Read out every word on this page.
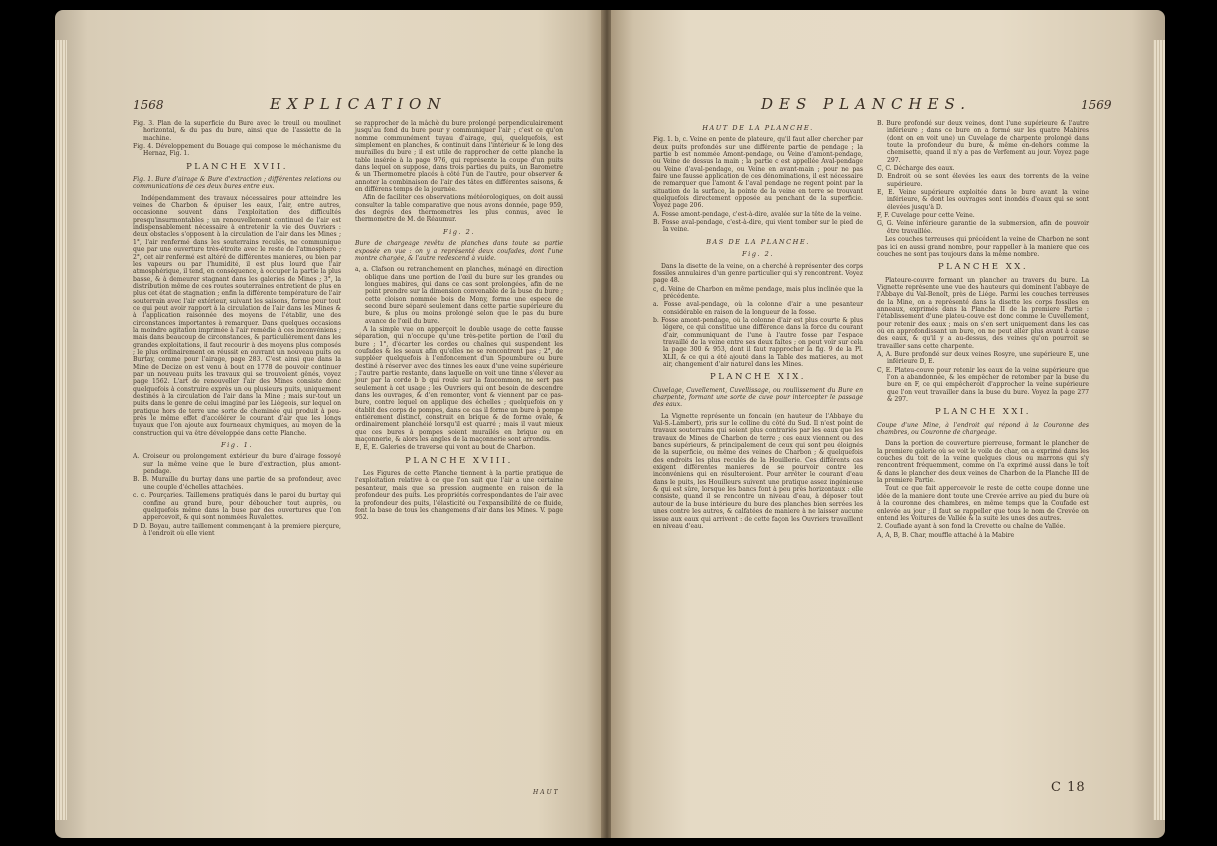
1568	EXPLICATION

Fig. 3. Plan de la superficie du Bure avec le treuil ou moulinet horizontal, & du pas du bure, ainsi que de l'assiette de la machine.

Fig. 4. Développement du Bouage qui compose le méchanisme du Hernaz, Fig. 1.

PLANCHE XVII.

Fig. 1. Bure d'airage & Bure d'extraction ; différentes relations ou communications de ces deux bures entre eux.

Indépendamment des travaux nécessaires pour atteindre les veines de Charbon & épuiser les eaux, l'air, entre autres, occasionne souvent dans l'exploitation des difficultés presqu'insurmontables ; un renouvellement continuel de l'air est indispensablement nécessaire à entretenir la vie des Ouvriers : deux obstacles s'opposent à la circulation de l'air dans les Mines ; 1°, l'air renfermé dans les souterrains reculés, ne communique que par une ouverture très-étroite avec le reste de l'atmosphere ; 2°, cet air renfermé est altéré de différentes manieres, ou bien par les vapeurs ou par l'humidité, il est plus lourd que l'air atmosphérique, il tend, en conséquence, à occuper la partie la plus basse, & à demeurer stagnant dans les galeries de Mines ; 3°, la distribution même de ces routes souterraines entretient de plus en plus cet état de stagnation ; enfin la différente température de l'air souterrain avec l'air extérieur, suivant les saisons, forme pour tout ce qui peut avoir rapport à la circulation de l'air dans les Mines & à l'application raisonnée des moyens de l'établir, une des circonstances importantes à remarquer. Dans quelques occasions la moindre agitation imprimée à l'air remédie à ces inconvéniens ; mais dans beaucoup de circonstances, & particuliérement dans les grandes exploitations, il faut recourir à des moyens plus composés ; le plus ordinairement on réussit en ouvrant un nouveau puits ou Burtay, comme pour l'airage, page 283. C'est ainsi que dans la Mine de Decize on est venu à bout en 1778 de pouvoir continuer par un nouveau puits les travaux qui se trouvoient gênés, voyez page 1562. L'art de renouveller l'air des Mines consiste donc quelquefois à construire exprès un ou plusieurs puits, uniquement destinés à la circulation de l'air dans la Mine ; mais sur-tout un puits dans le genre de celui imaginé par les Liégeois, sur lequel on pratique hors de terre une sorte de cheminée qui produit à peu-près le même effet d'accélérer le courant d'air que les longs tuyaux que l'on ajoute aux fourneaux chymiques, au moyen de la construction qui va être développée dans cette Planche.

Fig. 1.

A. Croiseur ou prolongement extérieur du bure d'airage fossoyé sur la même veine que le bure d'extraction, plus amont-pendage.

B. B. Muraille du burtay dans une partie de sa profondeur, avec une couple d'échelles attachées.

c. c. Pourçaries. Taillemens pratiqués dans le paroi du burtay qui confine au grand bure, pour déboucher tout auprès, ou quelquefois même dans la buse par des ouvertures que l'on appercevoit, & qui sont nommées Ruvalettes.

D D. Boyau, autre taillement commençant à la premiere pierçure, à l'endroit où elle vient

se rapprocher de la mâchè du bure prolongé perpendiculairement jusqu'au fond du bure pour y communiquer l'air ; c'est ce qu'on nomme communément tuyau d'airage, qui, quelquefois, est simplement en planches, & continuit dans l'intérieur & le long des murailles du bure ; il est utile de rapprocher de cette planche la table insérée à la page 976, qui représente la coupe d'un puits dans lequel on suppose, dans trois parties du puits, un Barometre & un Thermometre placés à côté l'un de l'autre, pour observer & annoter la combinaison de l'air des tâtes en différentes saisons, & en différens temps de la journée.

Afin de faciliter ces observations météorologiques, on doit aussi consulter la table comparative que nous avons donnée, page 959, des degrés des thermometres les plus connus, avec le thermometre de M. de Réaumur.

Fig. 2.

Bure de chargeage revêtu de planches dans toute sa partie exposée en vue : on y a représenté deux coufades, dont l'une montre chargée, & l'autre redescend à vuide.

a, a. Clafson ou retranchement en planches, ménagé en direction oblique dans une portion de l'œil du bure sur les grandes ou longues mabires, qui dans ce cas sont prolongées, afin de ne point prendre sur la dimension convenable de la buse du bure ; cette cloison nommée bois de Mony, forme une espece de second bure séparé seulement dans cette partie supérieure du bure, & plus ou moins prolongé selon que le pas du bure avance de l'œil du bure.

A la simple vue on apperçoit le double usage de cette fausse séparation, qui n'occupe qu'une très-petite portion de l'œil du bure ; 1°, d'écarter les cordes ou chaînes qui suspendent les coufades & les seaux afin qu'elles ne se rencontrent pas ; 2°, de suppléer quelquefois à l'enfoncement d'un Spoumbure ou bure destiné à réserver avec des tinnes les eaux d'une veine supérieure ; l'autre partie restante, dans laquelle on voit une tinne s'élever au jour par la corde b b qui roule sur la faucommon, ne sert pas seulement à cet usage ; les Ouvriers qui ont besoin de descendre dans les ouvrages, & d'en remonter, vont & viennent par ce pas-bure, contre lequel on applique des échelles ; quelquefois on y établit des corps de pompes, dans ce cas il forme un bure à pompe entiérement distinct, construit en brique & de forme ovale, & ordinairement planchéié lorsqu'il est quarré ; mais il vaut mieux que ces bures à pompes soient murailés en brique ou en maçonnerie, & alors les angles de la maçonnerie sont arrondis.

E, E, E. Galeries de traverse qui vont au bout de Charbon.

PLANCHE XVIII.

Les Figures de cette Planche tiennent à la partie pratique de l'exploitation relative à ce que l'on sait que l'air a une certaine pesanteur, mais que sa pression augmente en raison de la profondeur des puits. Les propriétés correspondantes de l'air avec la profondeur des puits, l'élasticité ou l'expansibilité de ce fluide, font la base de tous les changemens d'air dans les Mines. V. page 952.

HAUT
DES PLANCHES.	1569
HAUT DE LA PLANCHE.

Fig. 1. b, c. Veine en pente de plateure, qu'il faut aller chercher par deux puits profondés sur une différente partie de pendage ; la partie b est nommée Amont-pendage, ou Veine d'amont-pendage, ou Veine de dessus la main ; la partie c est appellée Aval-pendage ou Veine d'aval-pendage, ou Veine en avant-main ; pour ne pas faire une fausse application de ces dénominations, il est nécessaire de remarquer que l'amont & l'aval pendage ne regent point par la situation de la surface, la pointe de la veine en terre se trouvant quelquefois directement opposée au penchant de la superficie. Voyez page 206.

A. Fosse amont-pendage, c'est-à-dire, avalée sur la tête de la veine.

B. Fosse aval-pendage, c'est-à-dire, qui vient tomber sur le pied de la veine.

BAS DE LA PLANCHE.
Fig. 2.

Dans la disette de la veine, on a cherché à représenter des corps fossiles annulaires d'un genre particulier qui s'y rencontrent. Voyez page 48.

c, d. Veine de Charbon en même pendage, mais plus inclinée que la précédente.

a. Fosse aval-pendage, où la colonne d'air a une pesanteur considérable en raison de la longueur de la fosse.

b. Fosse amont-pendage, où la colonne d'air est plus courte & plus légere, ce qui constitue une différence dans la force du courant d'air, communiquant de l'une à l'autre fosse par l'espace travaillé de la veine entre ses deux faîtes ; on peut voir sur cela la page 300 & 953, dont il faut rapprocher la fig. 9 de la Pl. XLII, & ce qui a été ajouté dans la Table des matieres, au mot air, changement d'air naturel dans les Mines.

PLANCHE XIX.

Cuvelage, Cuvellement, Cuvellissage, ou rouliissement du Bure en charpente, formant une sorte de cuve pour intercepter le passage des eaux.

La Vignette représente un foncain (en hauteur de l'Abbaye du Val-S.-Lambert), pris sur le colline du côté du Sud. Il n'est point de travaux souterrains qui soient plus contrariés par les eaux que les travaux de Mines de Charbon de terre ; ces eaux viennent ou des bancs supérieurs, & principalement de ceux qui sont peu éloignés de la superficie, ou même des veines de Charbon ; & quelquefois des endroits les plus reculés de la Houillerie. Ces différents cas exigent différentes manieres de se pourvoir contre les inconvéniens qui en résulteroient. Pour arrêter le courant d'eau dans le puits, les Houilleurs suivent une pratique assez ingénieuse & qui est sûre, lorsque les bancs font à peu près horizontaux : elle consiste, quand il se rencontre un niveau d'eau, à déposer tout autour de la buse intérieure du bure des planches bien serrées les unes contre les autres, & calfatées de maniere à ne laisser aucune issue aux eaux qui arrivent : de cette façon les Ouvriers travaillent en niveau d'eau.

B. Bure profondé sur deux veines, dont l'une supérieure & l'autre inférieure ; dans ce bure on a formé sur les quatre Mabires (dont on en voit une) un Cuvelage de charpente prolongé dans toute la profondeur du bure, & même en-dehors comme la chemisette, quand il n'y a pas de Verfement au jour. Voyez page 297.

C, C. Décharge des eaux.

D. Endroit où se sont élevées les eaux des torrents de la veine supérieure.

E, E. Veine supérieure exploitée dans le bure avant la veine inférieure, & dont les ouvrages sont inondés d'eaux qui se sont élevées jusqu'à D.

F, F. Cuvelage pour cette Veine.

G, G. Veine inférieure garantie de la submersion, afin de pouvoir être travaillée.

Les couches terreuses qui précédent la veine de Charbon ne sont pas ici en aussi grand nombre, pour rappeller à la maniere que ces couches ne sont pas toujours dans la même nombre.

PLANCHE XX.

Plateure-couvre formant un plancher au travers du bure. La Vignette représente une vue des hauteurs qui dominent l'abbaye de l'Abbaye du Val-Benoît, près de Liége. Parmi les couches terreuses de la Mine, on a représenté dans la disette les corps fossiles en anneaux, exprimés dans la Planche II de la premiere Partie : l'établissement d'une plateu-couve est donc comme le Cuvellement, pour retenir des eaux ; mais on s'en sert uniquement dans les cas où en approfondissant un bure, on ne peut aller plus avant à cause des eaux, & qu'il y a au-dessus, des veines qu'on pourroit se travailler sans cette charpente.

A, A. Bure profondé sur deux veines Rosyre, une supérieure E, une inférieure D, E.

C, E. Plateu-couve pour retenir les eaux de la veine supérieure que l'on a abandonnée, & les empêcher de retomber par la buse du bure en F, ce qui empêcheroit d'approcher la veine supérieure que l'on veut travailler dans la buse du bure. Voyez la page 277 & 297.

PLANCHE XXI.

Coupe d'une Mine, à l'endroit qui répond à la Couronne des chambres, ou Couronne de chargeage.

Dans la portion de couverture pierreuse, formant le plancher de la premiere galerie où se voit le voile de char, on a exprimé dans les couches du toit de la veine quelques clous ou marrons qui s'y rencontrent fréquemment, comme on l'a exprimé aussi dans le toit & dans le plancher des deux veines de Charbon de la Planche III de la premiere Partie.

Tout ce que fait appercevoir le reste de cette coupe donne une idée de la maniere dont toute une Crevée arrive au pied du bure où à la couronne des chambres, en même temps que la Coufade est enlevée au jour ; il faut se rappeller que tous le nom de Crevée on entend les Voitures de Vallée & la suite les unes des autres.

2. Coufiade ayant à son fond la Crevette ou chaîne de Vallée.

A, A, B, B. Char, mouffle attaché à la Mabire

C 18
